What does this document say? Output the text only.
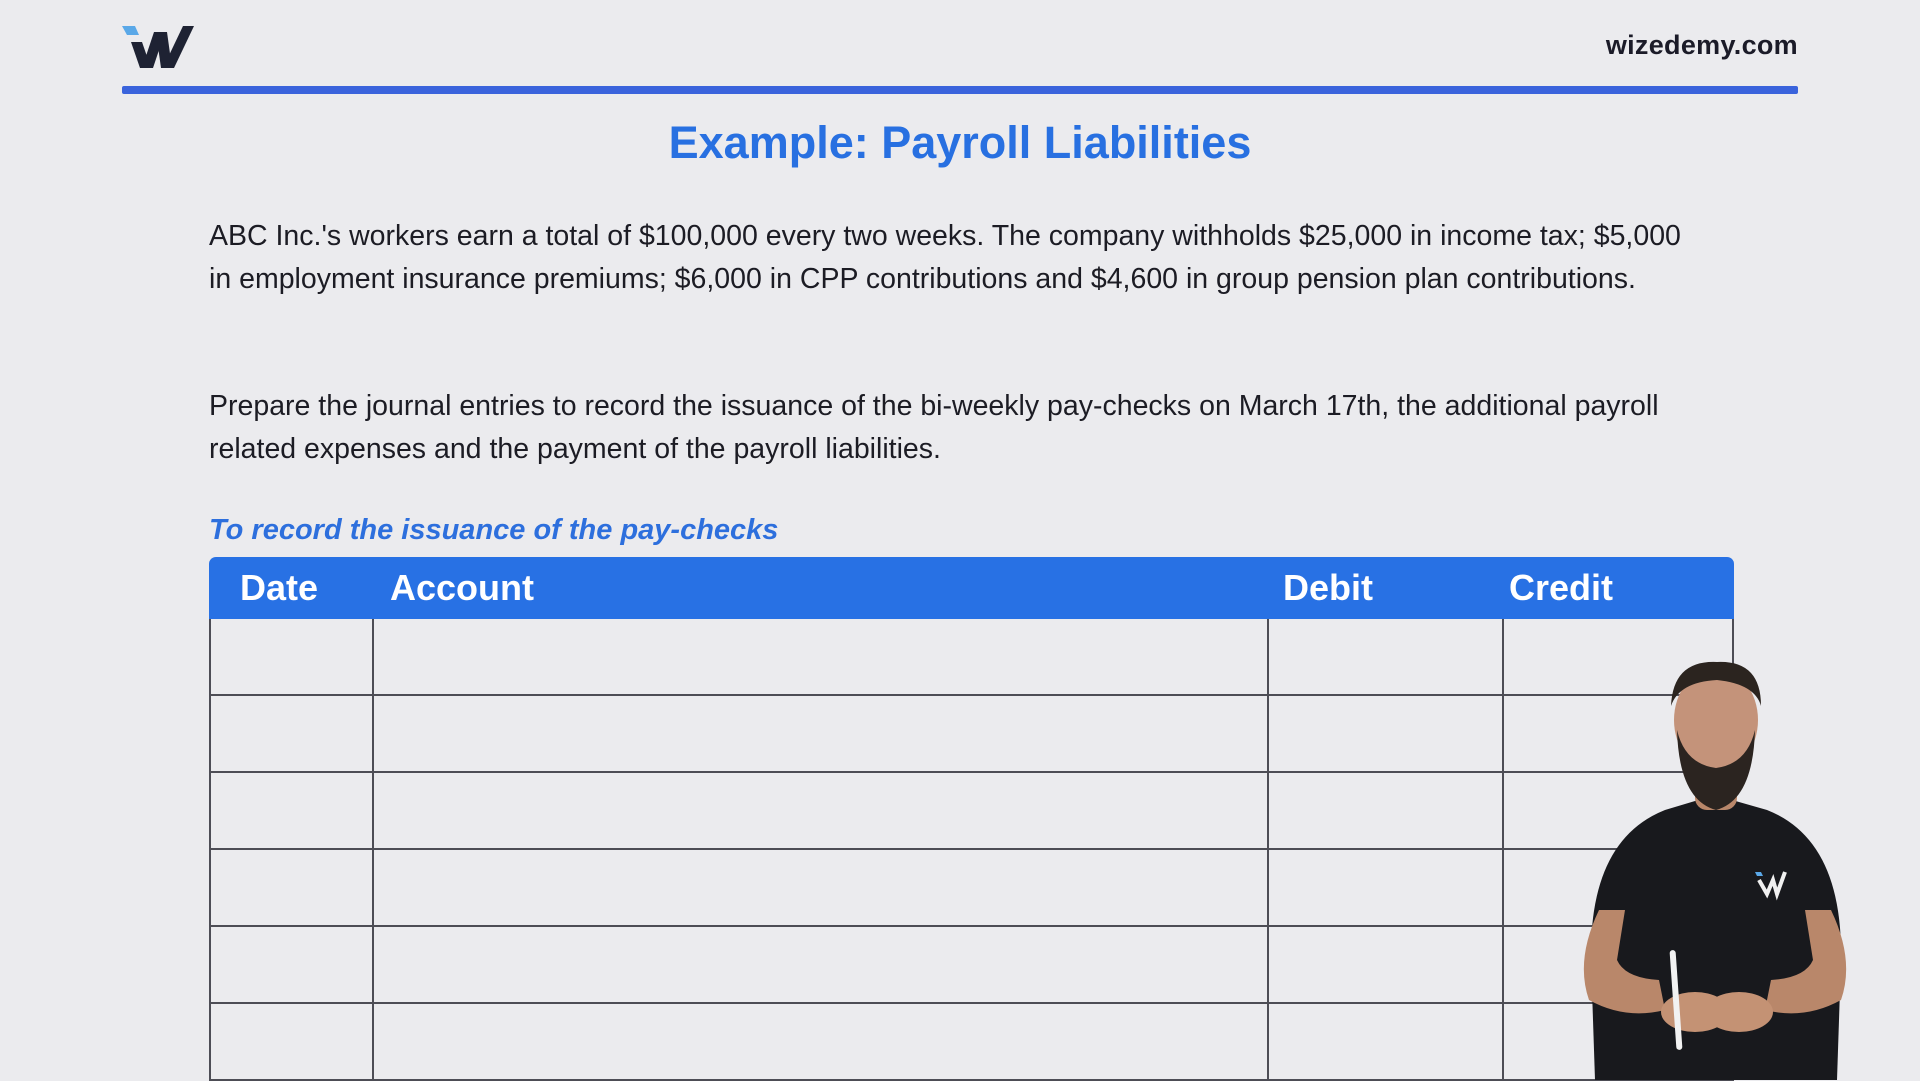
wizedemy.com
Example: Payroll Liabilities

ABC Inc.'s workers earn a total of $100,000 every two weeks. The company withholds $25,000 in income tax; $5,000 in employment insurance premiums; $6,000 in CPP contributions and $4,600 in group pension plan contributions.

Prepare the journal entries to record the issuance of the bi-weekly pay-checks on March 17th, the additional payroll related expenses and the payment of the payroll liabilities.

To record the issuance of the pay-checks
Date Account	Debit	Credit
